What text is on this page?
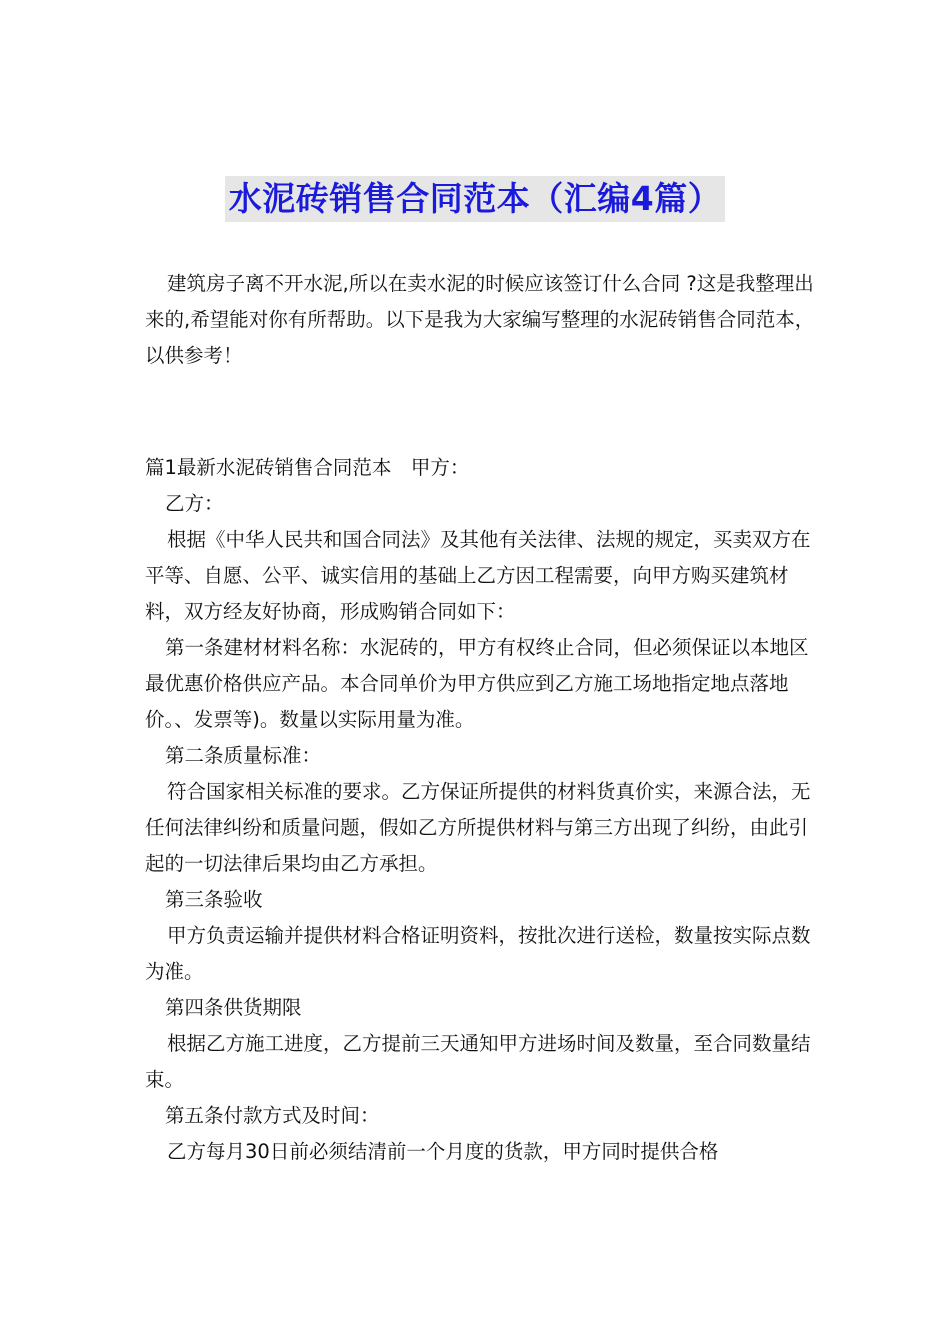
水泥砖销售合同范本（汇编4篇）

建筑房子离不开水泥,所以在卖水泥的时候应该签订什么合同 ?这是我整理出来的,希望能对你有所帮助。以下是我为大家编写整理的水泥砖销售合同范本，以供参考！

篇1最新水泥砖销售合同范本　甲方：

乙方：

根据《中华人民共和国合同法》及其他有关法律、法规的规定，买卖双方在平等、自愿、公平、诚实信用的基础上乙方因工程需要，向甲方购买建筑材料，双方经友好协商，形成购销合同如下：

第一条建材材料名称：水泥砖的，甲方有权终止合同，但必须保证以本地区最优惠价格供应产品。本合同单价为甲方供应到乙方施工场地指定地点落地价。、发票等)。数量以实际用量为准。

第二条质量标准：

符合国家相关标准的要求。乙方保证所提供的材料货真价实，来源合法，无任何法律纠纷和质量问题，假如乙方所提供材料与第三方出现了纠纷，由此引起的一切法律后果均由乙方承担。

第三条验收

甲方负责运输并提供材料合格证明资料，按批次进行送检，数量按实际点数为准。

第四条供货期限

根据乙方施工进度，乙方提前三天通知甲方进场时间及数量，至合同数量结束。

第五条付款方式及时间：

乙方每月30日前必须结清前一个月度的货款，甲方同时提供合格
